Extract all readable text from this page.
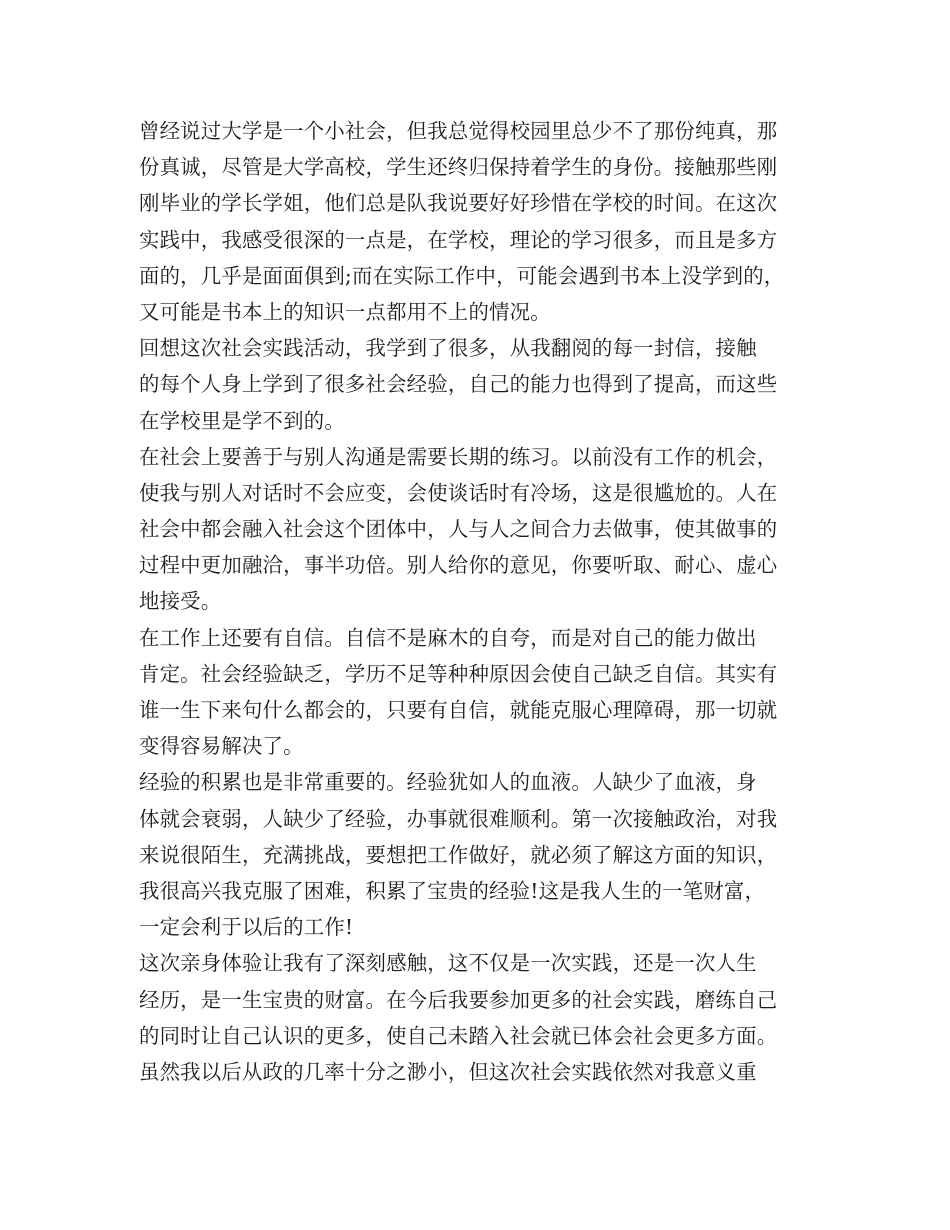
曾经说过大学是一个小社会，但我总觉得校园里总少不了那份纯真，那
份真诚，尽管是大学高校，学生还终归保持着学生的身份。接触那些刚
刚毕业的学长学姐，他们总是队我说要好好珍惜在学校的时间。在这次
实践中，我感受很深的一点是，在学校，理论的学习很多，而且是多方
面的，几乎是面面俱到;而在实际工作中，可能会遇到书本上没学到的，
又可能是书本上的知识一点都用不上的情况。
回想这次社会实践活动，我学到了很多，从我翻阅的每一封信，接触
的每个人身上学到了很多社会经验，自己的能力也得到了提高，而这些
在学校里是学不到的。
在社会上要善于与别人沟通是需要长期的练习。以前没有工作的机会，
使我与别人对话时不会应变，会使谈话时有冷场，这是很尴尬的。人在
社会中都会融入社会这个团体中，人与人之间合力去做事，使其做事的
过程中更加融洽，事半功倍。别人给你的意见，你要听取、耐心、虚心
地接受。
在工作上还要有自信。自信不是麻木的自夸，而是对自己的能力做出
肯定。社会经验缺乏，学历不足等种种原因会使自己缺乏自信。其实有
谁一生下来句什么都会的，只要有自信，就能克服心理障碍，那一切就
变得容易解决了。
经验的积累也是非常重要的。经验犹如人的血液。人缺少了血液，身
体就会衰弱，人缺少了经验，办事就很难顺利。第一次接触政治，对我
来说很陌生，充满挑战，要想把工作做好，就必须了解这方面的知识，
我很高兴我克服了困难，积累了宝贵的经验!这是我人生的一笔财富，
一定会利于以后的工作!
这次亲身体验让我有了深刻感触，这不仅是一次实践，还是一次人生
经历，是一生宝贵的财富。在今后我要参加更多的社会实践，磨练自己
的同时让自己认识的更多，使自己未踏入社会就已体会社会更多方面。
虽然我以后从政的几率十分之渺小，但这次社会实践依然对我意义重
